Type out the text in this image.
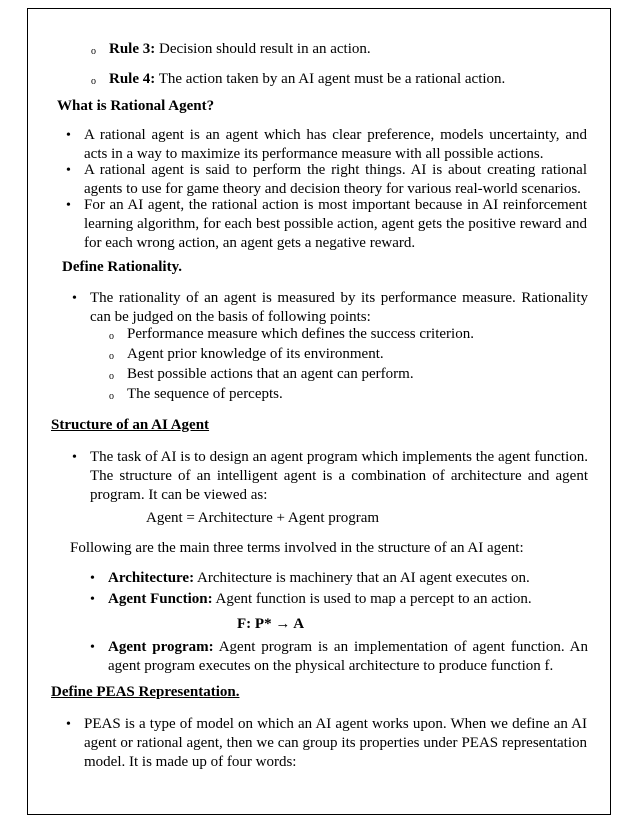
o Rule 3: Decision should result in an action.
o Rule 4: The action taken by an AI agent must be a rational action.
What is Rational Agent?
• A rational agent is an agent which has clear preference, models uncertainty, and acts in a way to maximize its performance measure with all possible actions.
• A rational agent is said to perform the right things. AI is about creating rational agents to use for game theory and decision theory for various real-world scenarios.
• For an AI agent, the rational action is most important because in AI reinforcement learning algorithm, for each best possible action, agent gets the positive reward and for each wrong action, an agent gets a negative reward.
Define Rationality.
• The rationality of an agent is measured by its performance measure. Rationality can be judged on the basis of following points:
o Performance measure which defines the success criterion.
o Agent prior knowledge of its environment.
o Best possible actions that an agent can perform.
o The sequence of percepts.
Structure of an AI Agent
• The task of AI is to design an agent program which implements the agent function. The structure of an intelligent agent is a combination of architecture and agent program. It can be viewed as:
Agent = Architecture + Agent program
Following are the main three terms involved in the structure of an AI agent:
• Architecture: Architecture is machinery that an AI agent executes on.
• Agent Function: Agent function is used to map a percept to an action.
F: P* → A
• Agent program: Agent program is an implementation of agent function. An agent program executes on the physical architecture to produce function f.
Define PEAS Representation.
• PEAS is a type of model on which an AI agent works upon. When we define an AI agent or rational agent, then we can group its properties under PEAS representation model. It is made up of four words:
